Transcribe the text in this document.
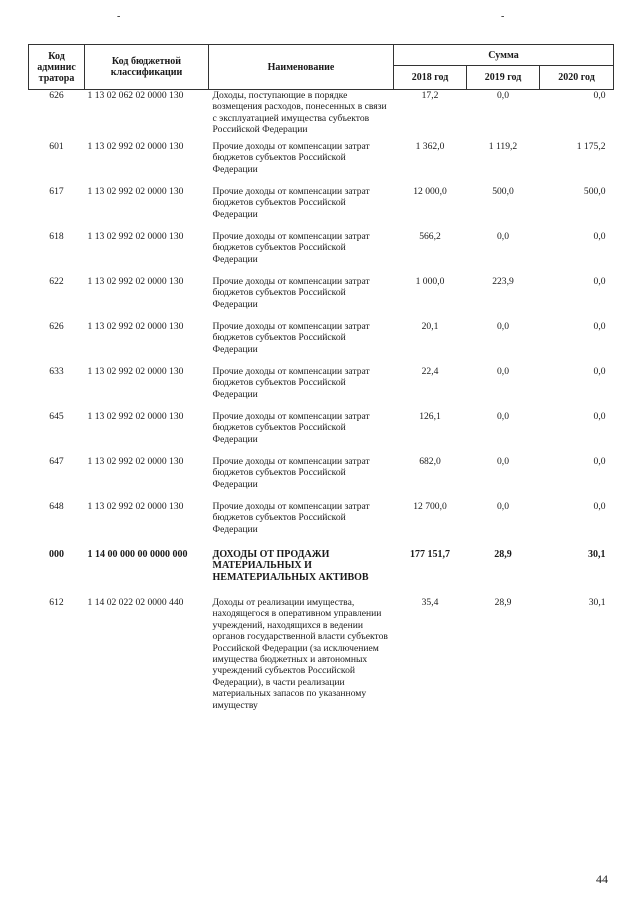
-	-
Код админис тратора	Код бюджетной классификации	Наименование	Сумма		
			2018 год	2019 год	2020 год
626	1 13 02 062 02 0000 130	Доходы, поступающие в порядке возмещения расходов, понесенных в связи с эксплуатацией имущества субъектов Российской Федерации	17,2	0,0	0,0
601	1 13 02 992 02 0000 130	Прочие доходы от компенсации затрат бюджетов субъектов Российской Федерации	1 362,0	1 119,2	1 175,2
617	1 13 02 992 02 0000 130	Прочие доходы от компенсации затрат бюджетов субъектов Российской Федерации	12 000,0	500,0	500,0
618	1 13 02 992 02 0000 130	Прочие доходы от компенсации затрат бюджетов субъектов Российской Федерации	566,2	0,0	0,0
622	1 13 02 992 02 0000 130	Прочие доходы от компенсации затрат бюджетов субъектов Российской Федерации	1 000,0	223,9	0,0
626	1 13 02 992 02 0000 130	Прочие доходы от компенсации затрат бюджетов субъектов Российской Федерации	20,1	0,0	0,0
633	1 13 02 992 02 0000 130	Прочие доходы от компенсации затрат бюджетов субъектов Российской Федерации	22,4	0,0	0,0
645	1 13 02 992 02 0000 130	Прочие доходы от компенсации затрат бюджетов субъектов Российской Федерации	126,1	0,0	0,0
647	1 13 02 992 02 0000 130	Прочие доходы от компенсации затрат бюджетов субъектов Российской Федерации	682,0	0,0	0,0
648	1 13 02 992 02 0000 130	Прочие доходы от компенсации затрат бюджетов субъектов Российской Федерации	12 700,0	0,0	0,0
000	1 14 00 000 00 0000 000	ДОХОДЫ ОТ ПРОДАЖИ МАТЕРИАЛЬНЫХ И НЕМАТЕРИАЛЬНЫХ АКТИВОВ	177 151,7	28,9	30,1
612	1 14 02 022 02 0000 440	Доходы от реализации имущества, находящегося в оперативном управлении учреждений, находящихся в ведении органов государственной власти субъектов Российской Федерации (за исключением имущества бюджетных и автономных учреждений субъектов Российской Федерации), в части реализации материальных запасов по указанному имуществу	35,4	28,9	30,1
44
